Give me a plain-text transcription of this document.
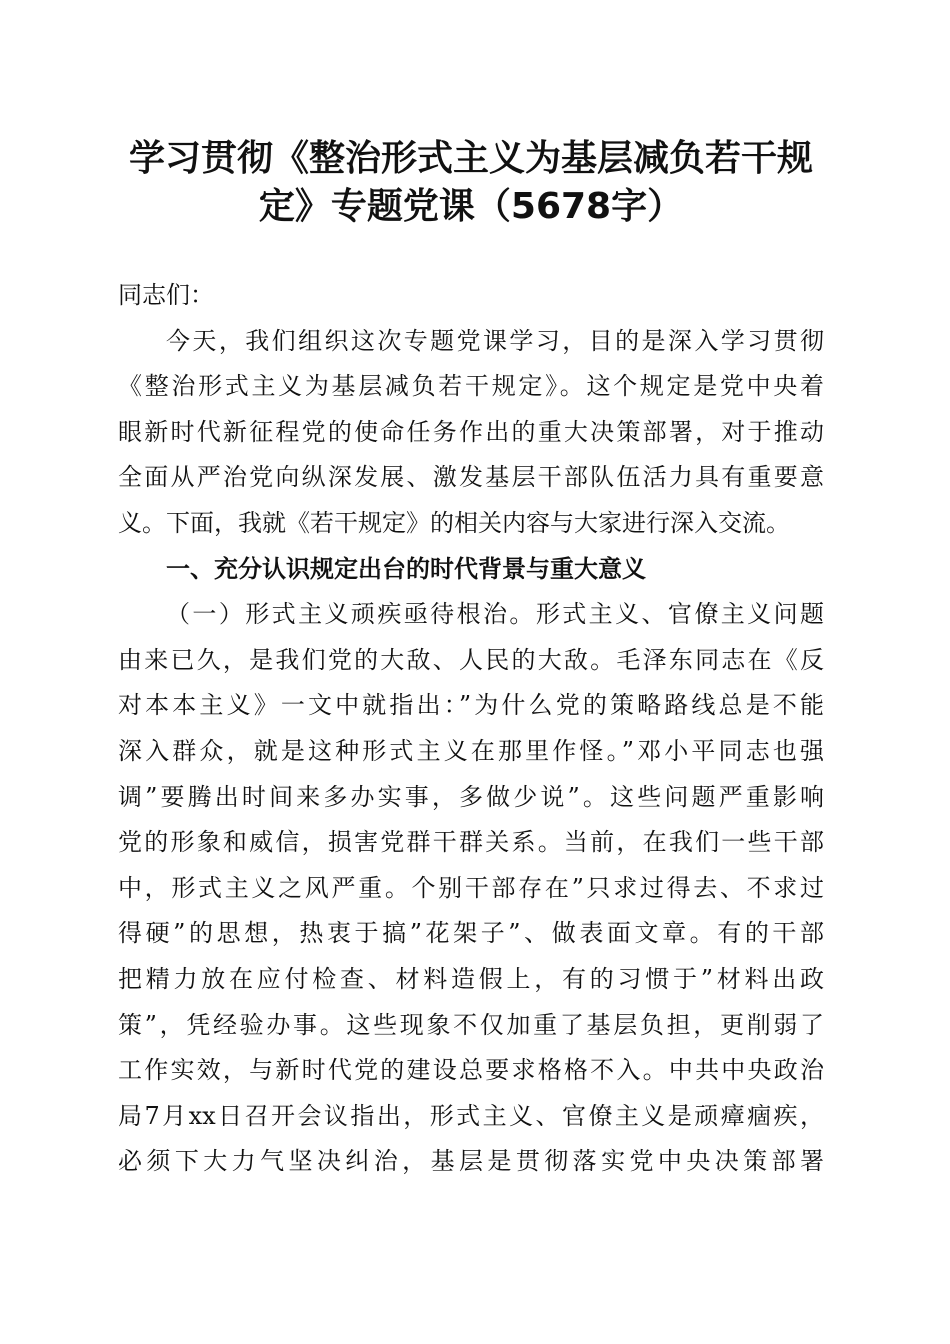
学习贯彻《整治形式主义为基层减负若干规
定》专题党课（5678字）
同志们：
今天，我们组织这次专题党课学习，目的是深入学习贯彻
《整治形式主义为基层减负若干规定》。这个规定是党中央着
眼新时代新征程党的使命任务作出的重大决策部署，对于推动
全面从严治党向纵深发展、激发基层干部队伍活力具有重要意
义。下面，我就《若干规定》的相关内容与大家进行深入交流。
一、充分认识规定出台的时代背景与重大意义
（一）形式主义顽疾亟待根治。形式主义、官僚主义问题
由来已久，是我们党的大敌、人民的大敌。毛泽东同志在《反
对本本主义》一文中就指出：”为什么党的策略路线总是不能
深入群众，就是这种形式主义在那里作怪。”邓小平同志也强
调”要腾出时间来多办实事，多做少说”。这些问题严重影响
党的形象和威信，损害党群干群关系。当前，在我们一些干部
中，形式主义之风严重。个别干部存在”只求过得去、不求过
得硬”的思想，热衷于搞”花架子”、做表面文章。有的干部
把精力放在应付检查、材料造假上，有的习惯于”材料出政
策”，凭经验办事。这些现象不仅加重了基层负担，更削弱了
工作实效，与新时代党的建设总要求格格不入。中共中央政治
局7月xx日召开会议指出，形式主义、官僚主义是顽瘴痼疾，
必须下大力气坚决纠治，基层是贯彻落实党中央决策部署
